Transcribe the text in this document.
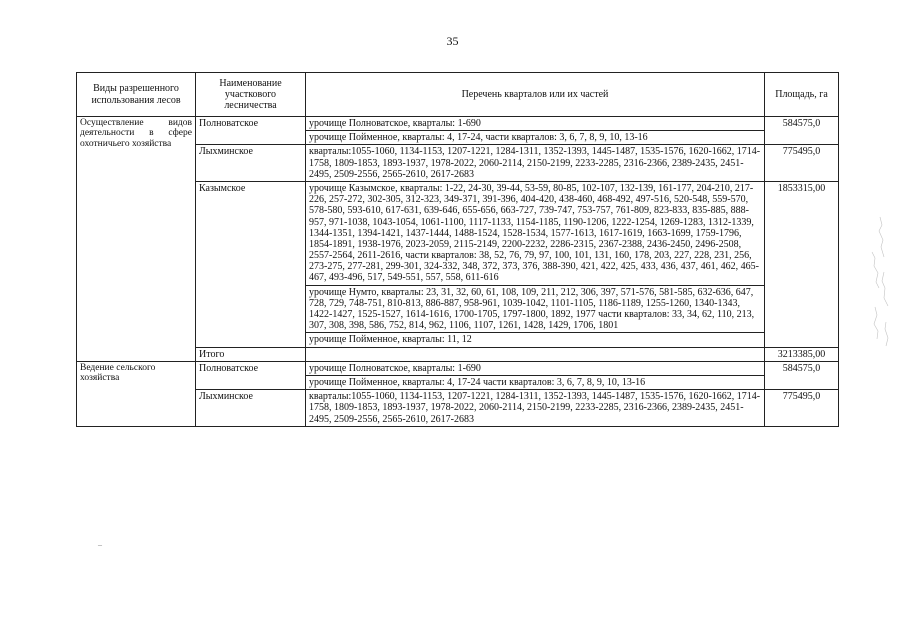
35
Виды разрешенного использования лесов	Наименование участкового лесничества	Перечень кварталов или их частей	Площадь, га

Осуществление видов деятельности в сфере охотничьего хозяйства	Полноватское	урочище Полноватское, кварталы: 1-690	584575,0
		урочище Пойменное, кварталы: 4, 17-24, части кварталов: 3, 6, 7, 8, 9, 10, 13-16	
	Лыхминское	кварталы:1055-1060, 1134-1153, 1207-1221, 1284-1311, 1352-1393, 1445-1487, 1535-1576, 1620-1662, 1714-1758, 1809-1853, 1893-1937, 1978-2022, 2060-2114, 2150-2199, 2233-2285, 2316-2366, 2389-2435, 2451-2495, 2509-2556, 2565-2610, 2617-2683	775495,0
	Казымское	урочище Казымское, кварталы: 1-22, 24-30, 39-44, 53-59, 80-85, 102-107, 132-139, 161-177, 204-210, 217-226, 257-272, 302-305, 312-323, 349-371, 391-396, 404-420, 438-460, 468-492, 497-516, 520-548, 559-570, 578-580, 593-610, 617-631, 639-646, 655-656, 663-727, 739-747, 753-757, 761-809, 823-833, 835-885, 888-957, 971-1038, 1043-1054, 1061-1100, 1117-1133, 1154-1185, 1190-1206, 1222-1254, 1269-1283, 1312-1339, 1344-1351, 1394-1421, 1437-1444, 1488-1524, 1528-1534, 1577-1613, 1617-1619, 1663-1699, 1759-1796, 1854-1891, 1938-1976, 2023-2059, 2115-2149, 2200-2232, 2286-2315, 2367-2388, 2436-2450, 2496-2508, 2557-2564, 2611-2616, части кварталов: 38, 52, 76, 79, 97, 100, 101, 131, 160, 178, 203, 227, 228, 231, 256, 273-275, 277-281, 299-301, 324-332, 348, 372, 373, 376, 388-390, 421, 422, 425, 433, 436, 437, 461, 462, 465-467, 493-496, 517, 549-551, 557, 558, 611-616	1853315,00
		урочище Нумто, кварталы: 23, 31, 32, 60, 61, 108, 109, 211, 212, 306, 397, 571-576, 581-585, 632-636, 647, 728, 729, 748-751, 810-813, 886-887, 958-961, 1039-1042, 1101-1105, 1186-1189, 1255-1260, 1340-1343, 1422-1427, 1525-1527, 1614-1616, 1700-1705, 1797-1800, 1892, 1977 части кварталов: 33, 34, 62, 110, 213, 307, 308, 398, 586, 752, 814, 962, 1106, 1107, 1261, 1428, 1429, 1706, 1801	
		урочище Пойменное, кварталы: 11, 12	
	Итого		3213385,00

Ведение сельского хозяйства	Полноватское	урочище Полноватское, кварталы: 1-690	584575,0
		урочище Пойменное, кварталы: 4, 17-24 части кварталов: 3, 6, 7, 8, 9, 10, 13-16	
	Лыхминское	кварталы:1055-1060, 1134-1153, 1207-1221, 1284-1311, 1352-1393, 1445-1487, 1535-1576, 1620-1662, 1714-1758, 1809-1853, 1893-1937, 1978-2022, 2060-2114, 2150-2199, 2233-2285, 2316-2366, 2389-2435, 2451-2495, 2509-2556, 2565-2610, 2617-2683	775495,0
–
